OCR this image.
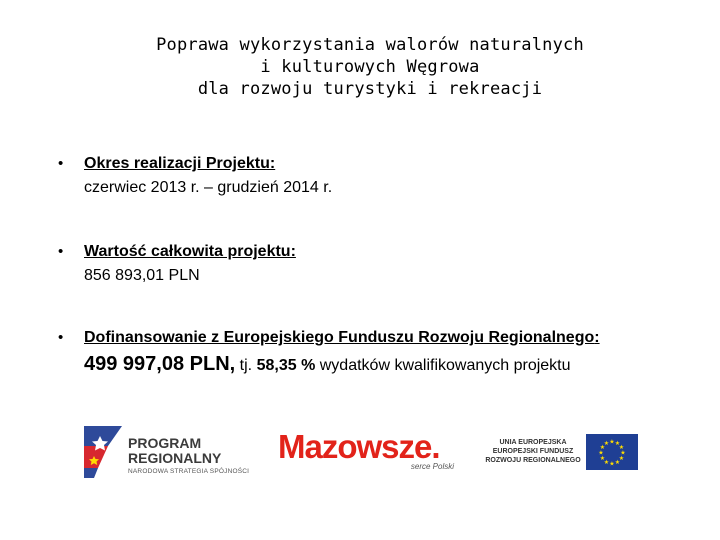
Poprawa wykorzystania walorów naturalnych
i kulturowych Węgrowa
dla rozwoju turystyki i rekreacji
• Okres realizacji Projektu:
czerwiec 2013 r. – grudzień 2014 r.
• Wartość całkowita projektu:
856 893,01 PLN
• Dofinansowanie z Europejskiego Funduszu Rozwoju Regionalnego:
499 997,08 PLN, tj. 58,35 % wydatków kwalifikowanych projektu
PROGRAM
REGIONALNY
NARODOWA STRATEGIA SPÓJNOŚCI
Mazowsze.
serce Polski
UNIA EUROPEJSKA
EUROPEJSKI FUNDUSZ
ROZWOJU REGIONALNEGO
★ ★
★
★
★
★
★
★
★
★
★
★
